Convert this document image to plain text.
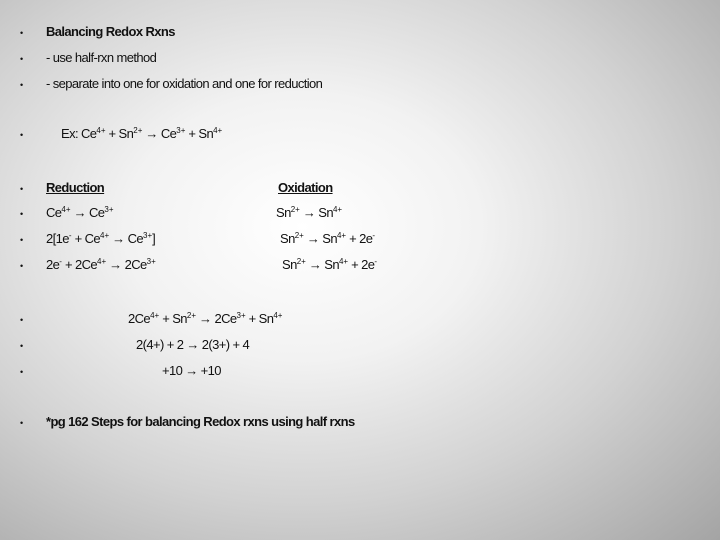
•
•
•
•
•
•
•
•
•
•
•
•
Balancing Redox Rxns
- use half-rxn method
- separate into one for oxidation and one for reduction
Ex: $Ce^{4+} + Sn^{2+} \to Ce^{3+} + Sn^{4+}$
Reduction	Oxidation
$Ce^{4+} \to Ce^{3+}$	$Sn^{2+} \to Sn^{4+}$
$2[1e^- + Ce^{4+} \to Ce^{3+}]$	$Sn^{2+} \to Sn^{4+} + 2e^-$
$2e^- + 2Ce^{4+} \to 2Ce^{3+}$	$Sn^{2+} \to Sn^{4+} + 2e^-$
$2Ce^{4+} + Sn^{2+} \to 2Ce^{3+} + Sn^{4+}$
2(4+) + 2 → 2(3+) + 4
+10 → +10
*pg 162 Steps for balancing Redox rxns using half rxns
